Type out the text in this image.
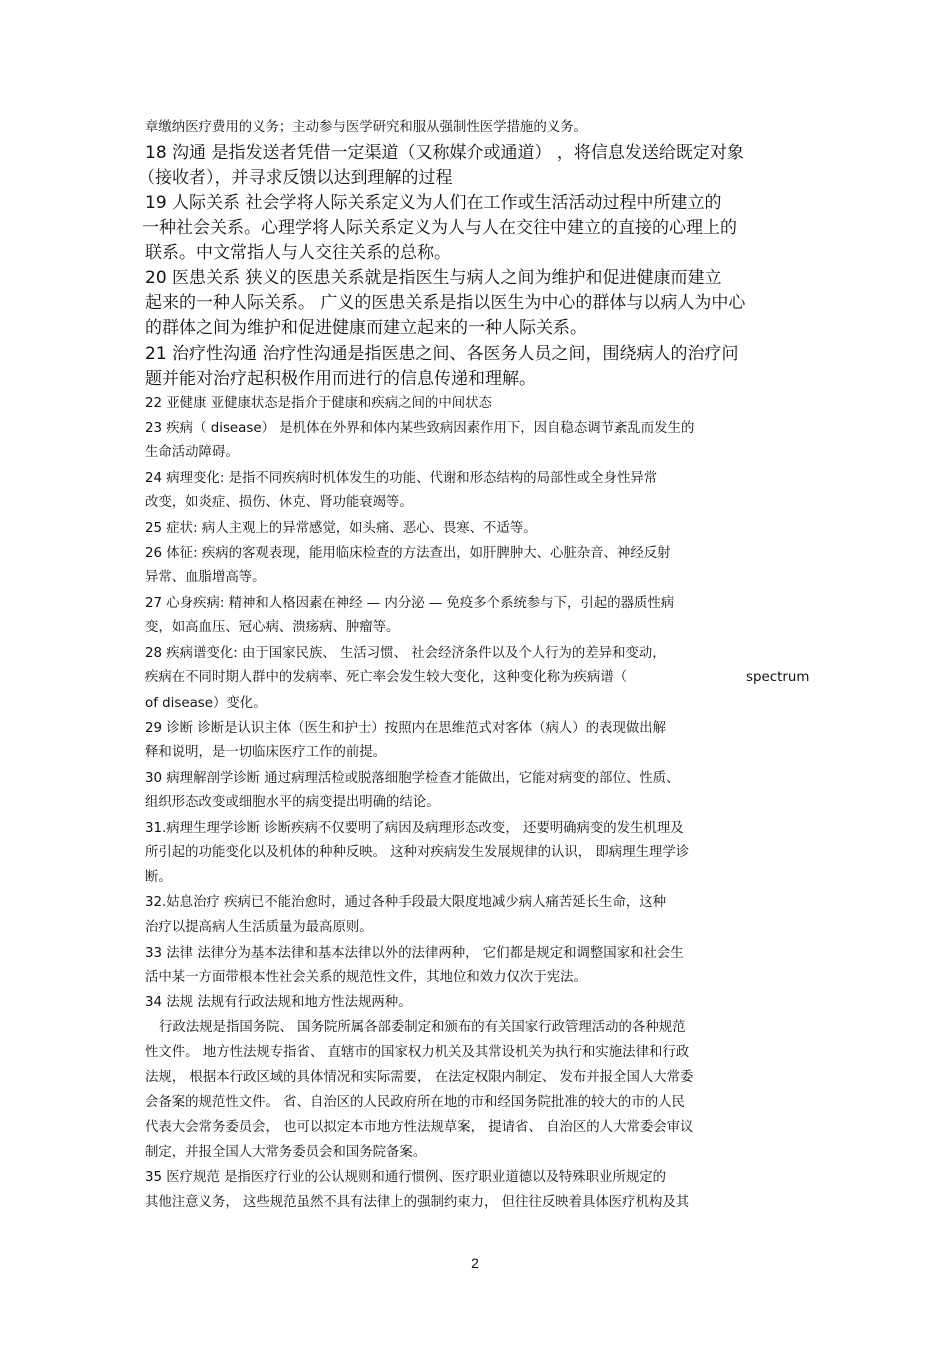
章缴纳医疗费用的义务；主动参与医学研究和服从强制性医学措施的义务。
18 沟通 是指发送者凭借一定渠道（又称媒介或通道） ，将信息发送给既定对象
（接收者），并寻求反馈以达到理解的过程
19 人际关系 社会学将人际关系定义为人们在工作或生活活动过程中所建立的
一种社会关系。心理学将人际关系定义为人与人在交往中建立的直接的心理上的
联系。中文常指人与人交往关系的总称。
20 医患关系 狭义的医患关系就是指医生与病人之间为维护和促进健康而建立
起来的一种人际关系。 广义的医患关系是指以医生为中心的群体与以病人为中心
的群体之间为维护和促进健康而建立起来的一种人际关系。
21 治疗性沟通 治疗性沟通是指医患之间、各医务人员之间，围绕病人的治疗问
题并能对治疗起积极作用而进行的信息传递和理解。
22 亚健康 亚健康状态是指介于健康和疾病之间的中间状态
23 疾病（ disease） 是机体在外界和体内某些致病因素作用下，因自稳态调节紊乱而发生的
生命活动障碍。
24 病理变化: 是指不同疾病时机体发生的功能、代谢和形态结构的局部性或全身性异常
改变，如炎症、损伤、休克、肾功能衰竭等。
25 症状: 病人主观上的异常感觉，如头痛、恶心、畏寒、不适等。
26 体征: 疾病的客观表现，能用临床检查的方法查出，如肝脾肿大、心脏杂音、神经反射
异常、血脂增高等。
27 心身疾病: 精神和人格因素在神经 — 内分泌 — 免疫多个系统参与下，引起的器质性病
变，如高血压、冠心病、溃疡病、肿瘤等。
28 疾病谱变化: 由于国家民族、 生活习惯、 社会经济条件以及个人行为的差异和变动，
疾病在不同时期人群中的发病率、死亡率会发生较大变化，这种变化称为疾病谱（	spectrum
of disease）变化。
29 诊断 诊断是认识主体（医生和护士）按照内在思维范式对客体（病人）的表现做出解
释和说明，是一切临床医疗工作的前提。
30 病理解剖学诊断 通过病理活检或脱落细胞学检查才能做出，它能对病变的部位、性质、
组织形态改变或细胞水平的病变提出明确的结论。
31.病理生理学诊断 诊断疾病不仅要明了病因及病理形态改变， 还要明确病变的发生机理及
所引起的功能变化以及机体的种种反映。 这种对疾病发生发展规律的认识， 即病理生理学诊
断。
32.姑息治疗 疾病已不能治愈时，通过各种手段最大限度地减少病人痛苦延长生命，这种
治疗以提高病人生活质量为最高原则。
33 法律 法律分为基本法律和基本法律以外的法律两种， 它们都是规定和调整国家和社会生
活中某一方面带根本性社会关系的规范性文件，其地位和效力仅次于宪法。
34 法规 法规有行政法规和地方性法规两种。
行政法规是指国务院、 国务院所属各部委制定和颁布的有关国家行政管理活动的各种规范
性文件。 地方性法规专指省、 直辖市的国家权力机关及其常设机关为执行和实施法律和行政
法规， 根据本行政区域的具体情况和实际需要， 在法定权限内制定、 发布并报全国人大常委
会备案的规范性文件。 省、自治区的人民政府所在地的市和经国务院批准的较大的市的人民
代表大会常务委员会， 也可以拟定本市地方性法规草案， 提请省、 自治区的人大常委会审议
制定，并报全国人大常务委员会和国务院备案。
35 医疗规范 是指医疗行业的公认规则和通行惯例、医疗职业道德以及特殊职业所规定的
其他注意义务， 这些规范虽然不具有法律上的强制约束力， 但往往反映着具体医疗机构及其
2
